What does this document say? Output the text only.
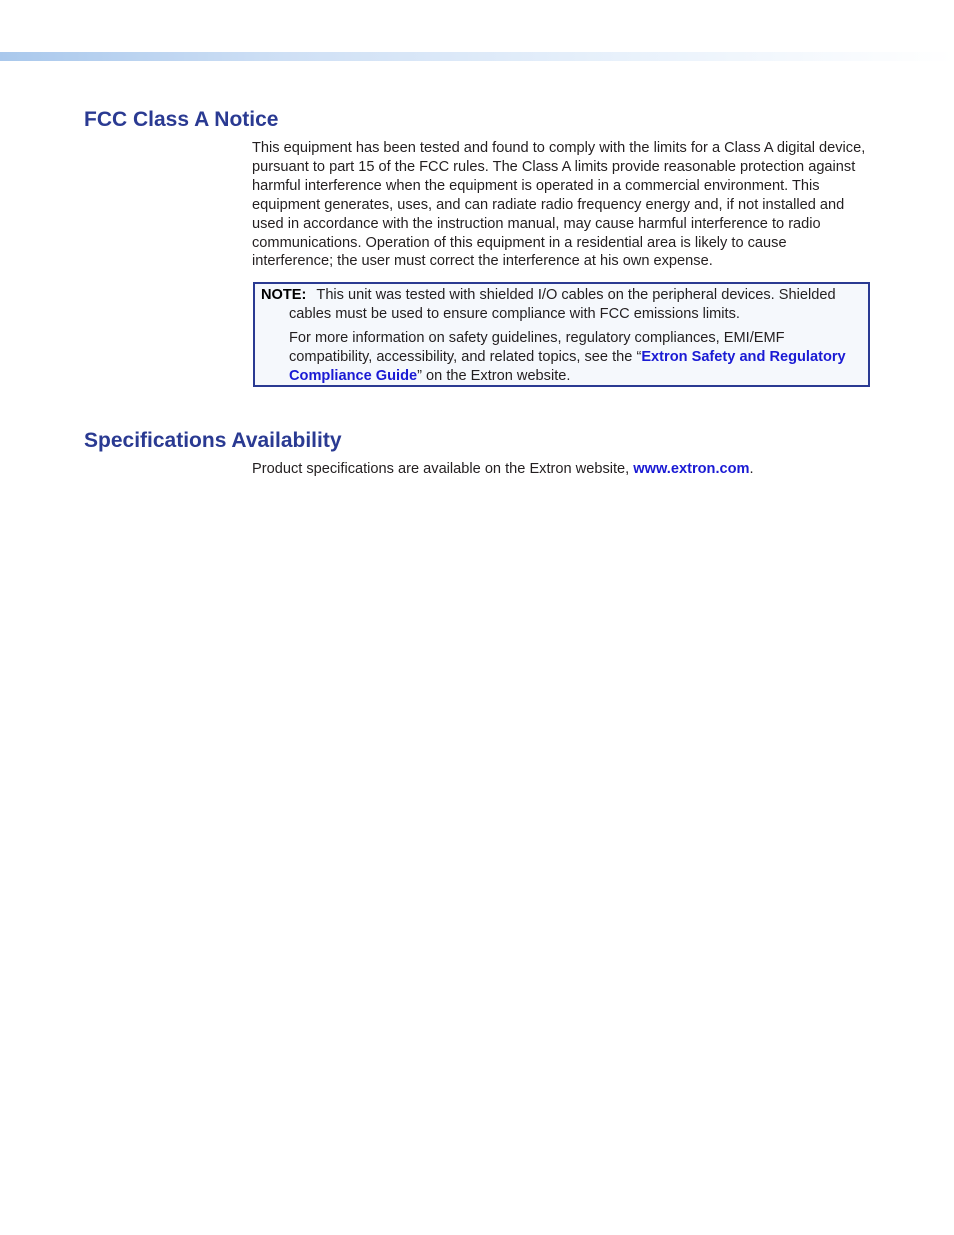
FCC Class A Notice

This equipment has been tested and found to comply with the limits for a Class A digital device, pursuant to part 15 of the FCC rules. The Class A limits provide reasonable protection against harmful interference when the equipment is operated in a commercial environment. This equipment generates, uses, and can radiate radio frequency energy and, if not installed and used in accordance with the instruction manual, may cause harmful interference to radio communications. Operation of this equipment in a residential area is likely to cause interference; the user must correct the interference at his own expense.

NOTE: This unit was tested with shielded I/O cables on the peripheral devices. Shielded cables must be used to ensure compliance with FCC emissions limits.

For more information on safety guidelines, regulatory compliances, EMI/EMF compatibility, accessibility, and related topics, see the “Extron Safety and Regulatory Compliance Guide” on the Extron website.

Specifications Availability

Product specifications are available on the Extron website, www.extron.com.
